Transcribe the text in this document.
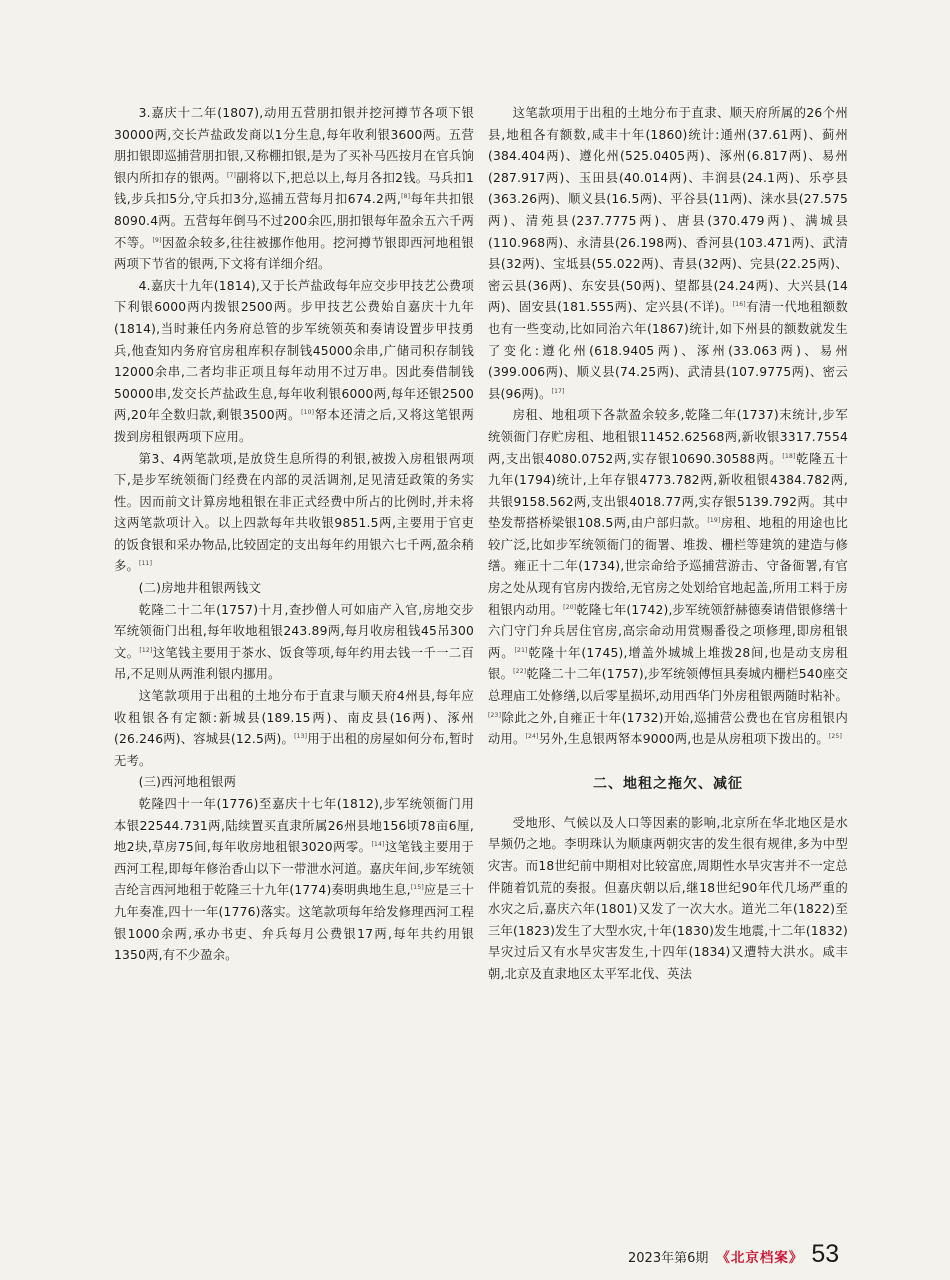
3.嘉庆十二年(1807),动用五营朋扣银并挖河撙节各项下银30000两,交长芦盐政发商以1分生息,每年收利银3600两。五营朋扣银即巡捕营朋扣银,又称棚扣银,是为了买补马匹按月在官兵饷银内所扣存的银两。[7]副将以下,把总以上,每月各扣2钱。马兵扣1钱,步兵扣5分,守兵扣3分,巡捕五营每月扣674.2两,[8]每年共扣银8090.4两。五营每年倒马不过200余匹,朋扣银每年盈余五六千两不等。[9]因盈余较多,往往被挪作他用。挖河撙节银即西河地租银两项下节省的银两,下文将有详细介绍。

4.嘉庆十九年(1814),又于长芦盐政每年应交步甲技艺公费项下利银6000两内拨银2500两。步甲技艺公费始自嘉庆十九年(1814),当时兼任内务府总管的步军统领英和奏请设置步甲技勇兵,他查知内务府官房租库积存制钱45000余串,广储司积存制钱12000余串,二者均非正项且每年动用不过万串。因此奏借制钱50000串,发交长芦盐政生息,每年收利银6000两,每年还银2500两,20年全数归款,剩银3500两。[10]帑本还清之后,又将这笔银两拨到房租银两项下应用。

第3、4两笔款项,是放贷生息所得的利银,被拨入房租银两项下,是步军统领衙门经费在内部的灵活调剂,足见清廷政策的务实性。因而前文计算房地租银在非正式经费中所占的比例时,并未将这两笔款项计入。以上四款每年共收银9851.5两,主要用于官吏的饭食银和采办物品,比较固定的支出每年约用银六七千两,盈余稍多。[11]

(二)房地井租银两钱文

乾隆二十二年(1757)十月,查抄僧人可如庙产入官,房地交步军统领衙门出租,每年收地租银243.89两,每月收房租钱45吊300文。[12]这笔钱主要用于茶水、饭食等项,每年约用去钱一千一二百吊,不足则从两淮利银内挪用。

这笔款项用于出租的土地分布于直隶与顺天府4州县,每年应收租银各有定额:新城县(189.15两)、南皮县(16两)、涿州(26.246两)、容城县(12.5两)。[13]用于出租的房屋如何分布,暂时无考。

(三)西河地租银两

乾隆四十一年(1776)至嘉庆十七年(1812),步军统领衙门用本银22544.731两,陆续置买直隶所属26州县地156顷78亩6厘,地2块,草房75间,每年收房地租银3020两零。[14]这笔钱主要用于西河工程,即每年修治香山以下一带泄水河道。嘉庆年间,步军统领吉纶言西河地租于乾隆三十九年(1774)奏明典地生息,[15]应是三十九年奏准,四十一年(1776)落实。这笔款项每年给发修理西河工程银1000余两,承办书吏、弁兵每月公费银17两,每年共约用银1350两,有不少盈余。

这笔款项用于出租的土地分布于直隶、顺天府所属的26个州县,地租各有额数,咸丰十年(1860)统计:通州(37.61两)、蓟州(384.404两)、遵化州(525.0405两)、涿州(6.817两)、易州(287.917两)、玉田县(40.014两)、丰润县(24.1两)、乐亭县(363.26两)、顺义县(16.5两)、平谷县(11两)、涞水县(27.575两)、清苑县(237.7775两)、唐县(370.479两)、满城县(110.968两)、永清县(26.198两)、香河县(103.471两)、武清县(32两)、宝坻县(55.022两)、青县(32两)、完县(22.25两)、密云县(36两)、东安县(50两)、望都县(24.24两)、大兴县(14两)、固安县(181.555两)、定兴县(不详)。[16]有清一代地租额数也有一些变动,比如同治六年(1867)统计,如下州县的额数就发生了变化:遵化州(618.9405两)、涿州(33.063两)、易州(399.006两)、顺义县(74.25两)、武清县(107.9775两)、密云县(96两)。[17]

房租、地租项下各款盈余较多,乾隆二年(1737)末统计,步军统领衙门存贮房租、地租银11452.62568两,新收银3317.7554两,支出银4080.0752两,实存银10690.30588两。[18]乾隆五十九年(1794)统计,上年存银4773.782两,新收租银4384.782两,共银9158.562两,支出银4018.77两,实存银5139.792两。其中垫发帮搭桥梁银108.5两,由户部归款。[19]房租、地租的用途也比较广泛,比如步军统领衙门的衙署、堆拨、栅栏等建筑的建造与修缮。雍正十二年(1734),世宗命给予巡捕营游击、守备衙署,有官房之处从现有官房内拨给,无官房之处划给官地起盖,所用工料于房租银内动用。[20]乾隆七年(1742),步军统领舒赫德奏请借银修缮十六门守门弁兵居住官房,高宗命动用赏赐番役之项修理,即房租银两。[21]乾隆十年(1745),增盖外城城上堆拨28间,也是动支房租银。[22]乾隆二十二年(1757),步军统领傅恒具奏城内栅栏540座交总理庙工处修缮,以后零星损坏,动用西华门外房租银两随时粘补。[23]除此之外,自雍正十年(1732)开始,巡捕营公费也在官房租银内动用。[24]另外,生息银两帑本9000两,也是从房租项下拨出的。[25]

二、地租之拖欠、减征

受地形、气候以及人口等因素的影响,北京所在华北地区是水旱频仍之地。李明珠认为顺康两朝灾害的发生很有规律,多为中型灾害。而18世纪前中期相对比较富庶,周期性水旱灾害并不一定总伴随着饥荒的奏报。但嘉庆朝以后,继18世纪90年代几场严重的水灾之后,嘉庆六年(1801)又发了一次大水。道光二年(1822)至三年(1823)发生了大型水灾,十年(1830)发生地震,十二年(1832)旱灾过后又有水旱灾害发生,十四年(1834)又遭特大洪水。咸丰朝,北京及直隶地区太平军北伐、英法

2023年第6期 《北京档案》 53
